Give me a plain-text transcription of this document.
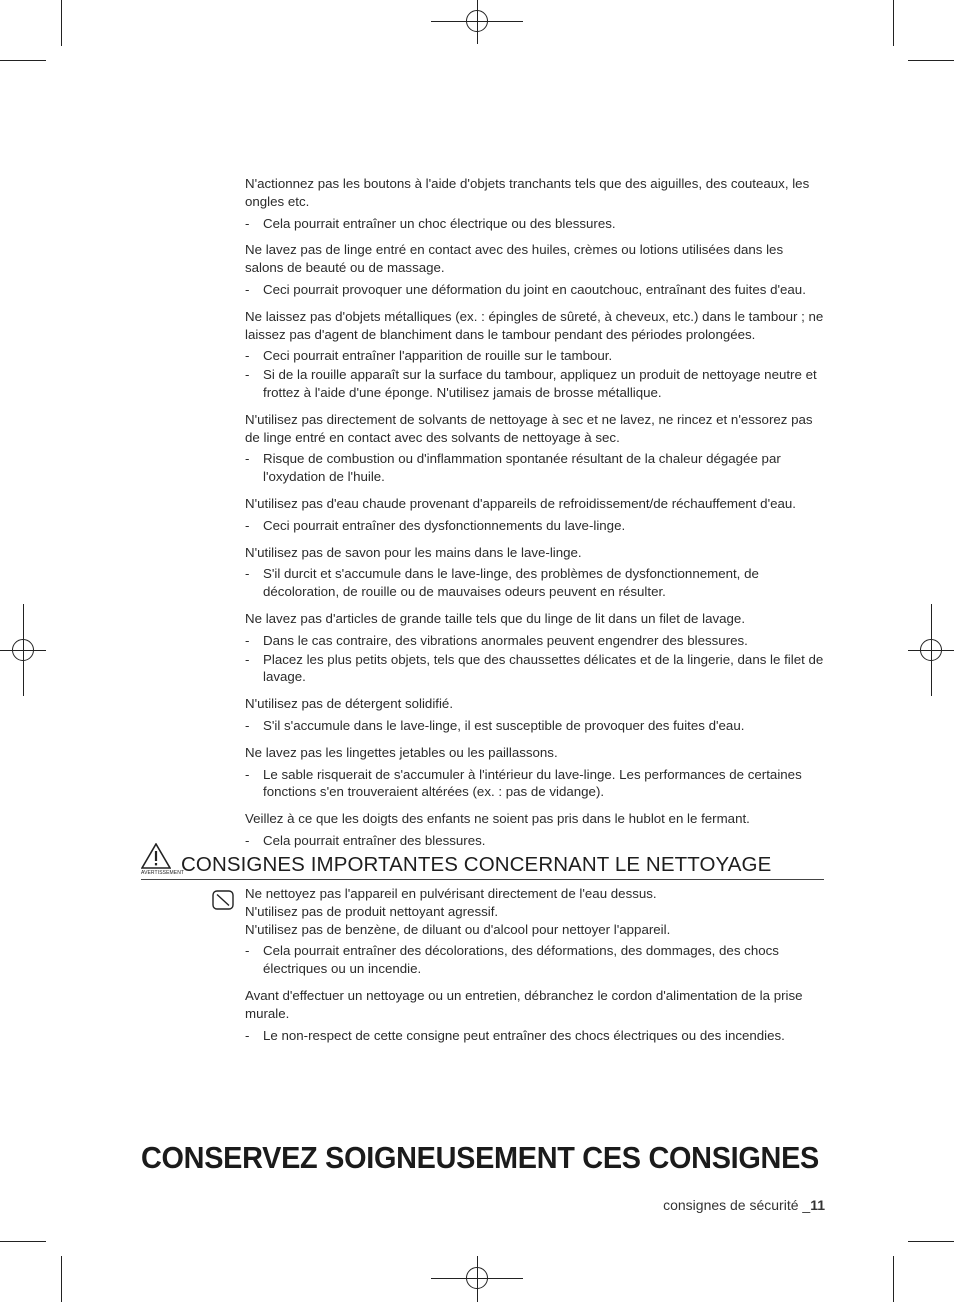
N'actionnez pas les boutons à l'aide d'objets tranchants tels que des aiguilles, des couteaux, les ongles etc.
- Cela pourrait entraîner un choc électrique ou des blessures.
Ne lavez pas de linge entré en contact avec des huiles, crèmes ou lotions utilisées dans les salons de beauté ou de massage.
- Ceci pourrait provoquer une déformation du joint en caoutchouc, entraînant des fuites d'eau.
Ne laissez pas d'objets métalliques (ex. : épingles de sûreté, à cheveux, etc.) dans le tambour ; ne laissez pas d'agent de blanchiment dans le tambour pendant des périodes prolongées.
- Ceci pourrait entraîner l'apparition de rouille sur le tambour.
- Si de la rouille apparaît sur la surface du tambour, appliquez un produit de nettoyage neutre et frottez à l'aide d'une éponge. N'utilisez jamais de brosse métallique.
N'utilisez pas directement de solvants de nettoyage à sec et ne lavez, ne rincez et n'essorez pas de linge entré en contact avec des solvants de nettoyage à sec.
- Risque de combustion ou d'inflammation spontanée résultant de la chaleur dégagée par l'oxydation de l'huile.
N'utilisez pas d'eau chaude provenant d'appareils de refroidissement/de réchauffement d'eau.
- Ceci pourrait entraîner des dysfonctionnements du lave-linge.
N'utilisez pas de savon pour les mains dans le lave-linge.
- S'il durcit et s'accumule dans le lave-linge, des problèmes de dysfonctionnement, de décoloration, de rouille ou de mauvaises odeurs peuvent en résulter.
Ne lavez pas d'articles de grande taille tels que du linge de lit dans un filet de lavage.
- Dans le cas contraire, des vibrations anormales peuvent engendrer des blessures.
- Placez les plus petits objets, tels que des chaussettes délicates et de la lingerie, dans le filet de lavage.
N'utilisez pas de détergent solidifié.
- S'il s'accumule dans le lave-linge, il est susceptible de provoquer des fuites d'eau.
Ne lavez pas les lingettes jetables ou les paillassons.
- Le sable risquerait de s'accumuler à l'intérieur du lave-linge. Les performances de certaines fonctions s'en trouveraient altérées (ex. : pas de vidange).
Veillez à ce que les doigts des enfants ne soient pas pris dans le hublot en le fermant.
- Cela pourrait entraîner des blessures.
AVERTISSEMENT
CONSIGNES IMPORTANTES CONCERNANT LE NETTOYAGE
Ne nettoyez pas l'appareil en pulvérisant directement de l'eau dessus.
N'utilisez pas de produit nettoyant agressif.
N'utilisez pas de benzène, de diluant ou d'alcool pour nettoyer l'appareil.
- Cela pourrait entraîner des décolorations, des déformations, des dommages, des chocs électriques ou un incendie.
Avant d'effectuer un nettoyage ou un entretien, débranchez le cordon d'alimentation de la prise murale.
- Le non-respect de cette consigne peut entraîner des chocs électriques ou des incendies.
CONSERVEZ SOIGNEUSEMENT CES CONSIGNES
consignes de sécurité _11
